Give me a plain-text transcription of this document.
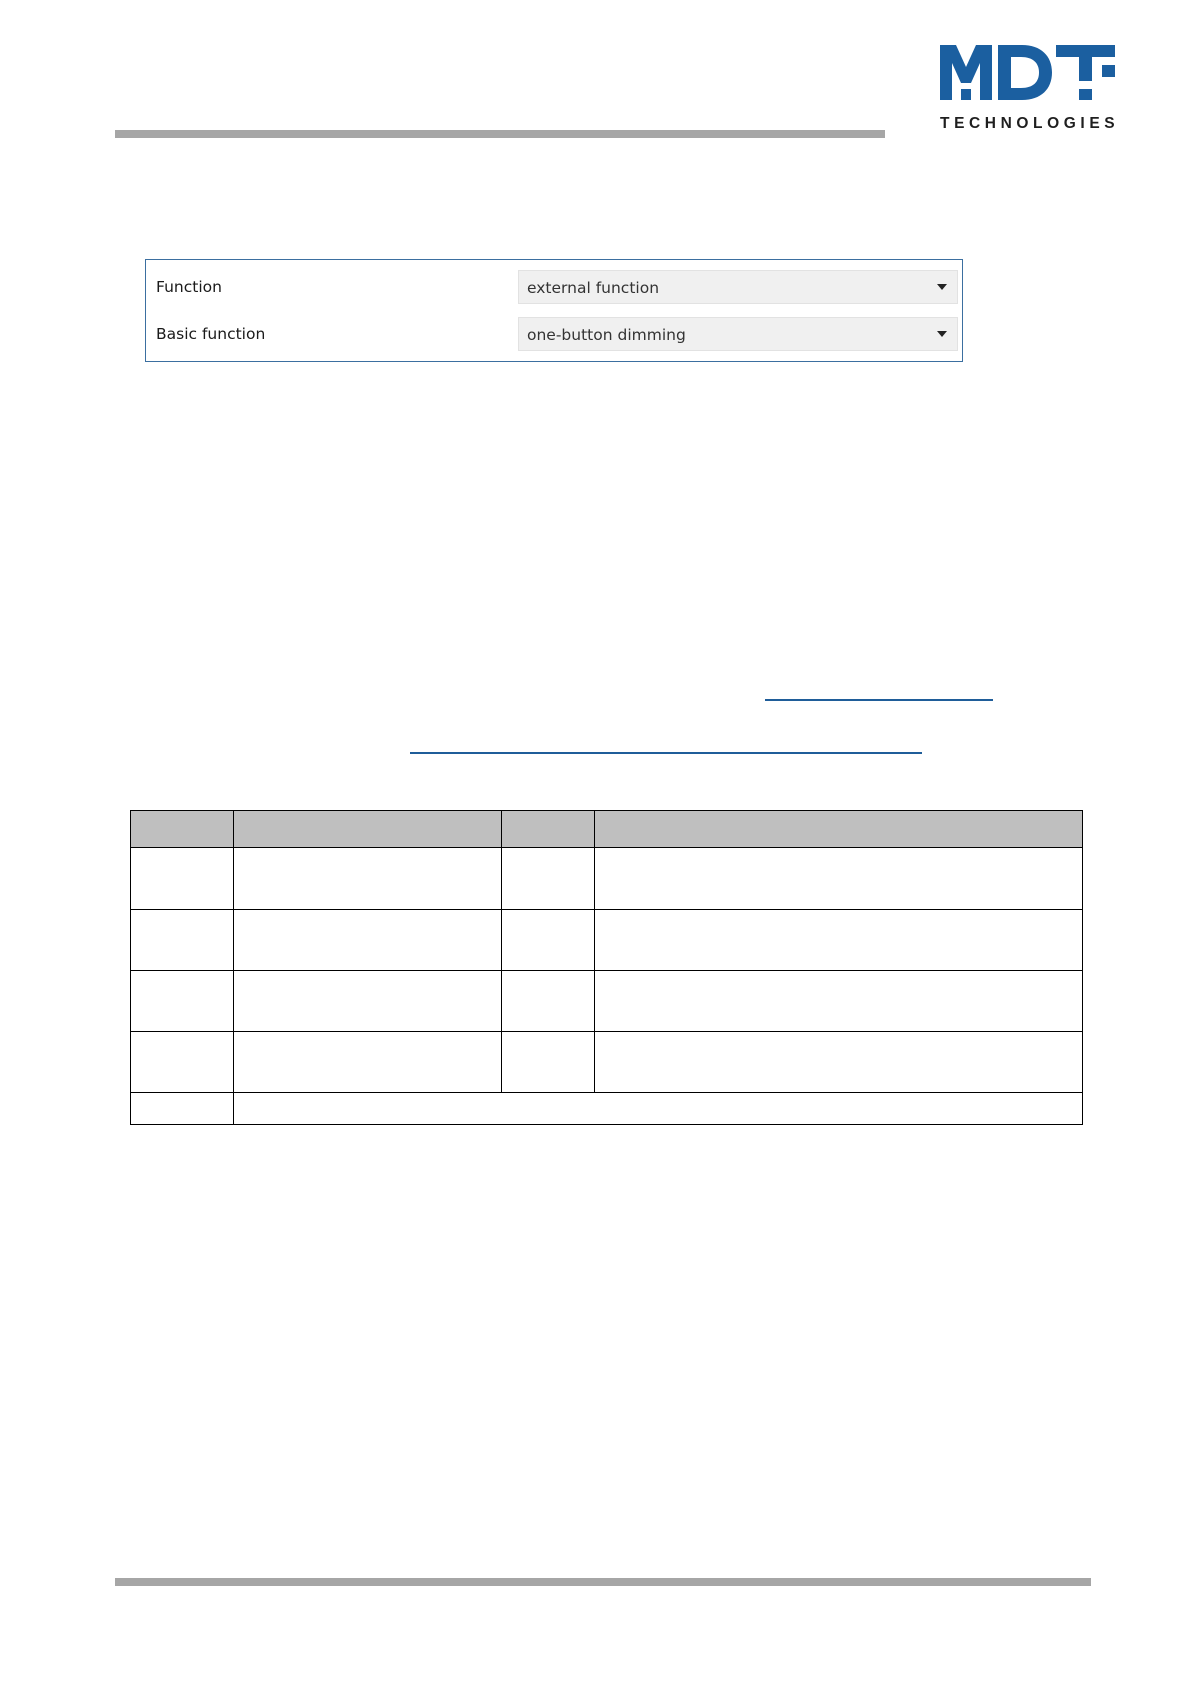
TECHNOLOGIES
Function	external function
Basic function	one-button dimming
